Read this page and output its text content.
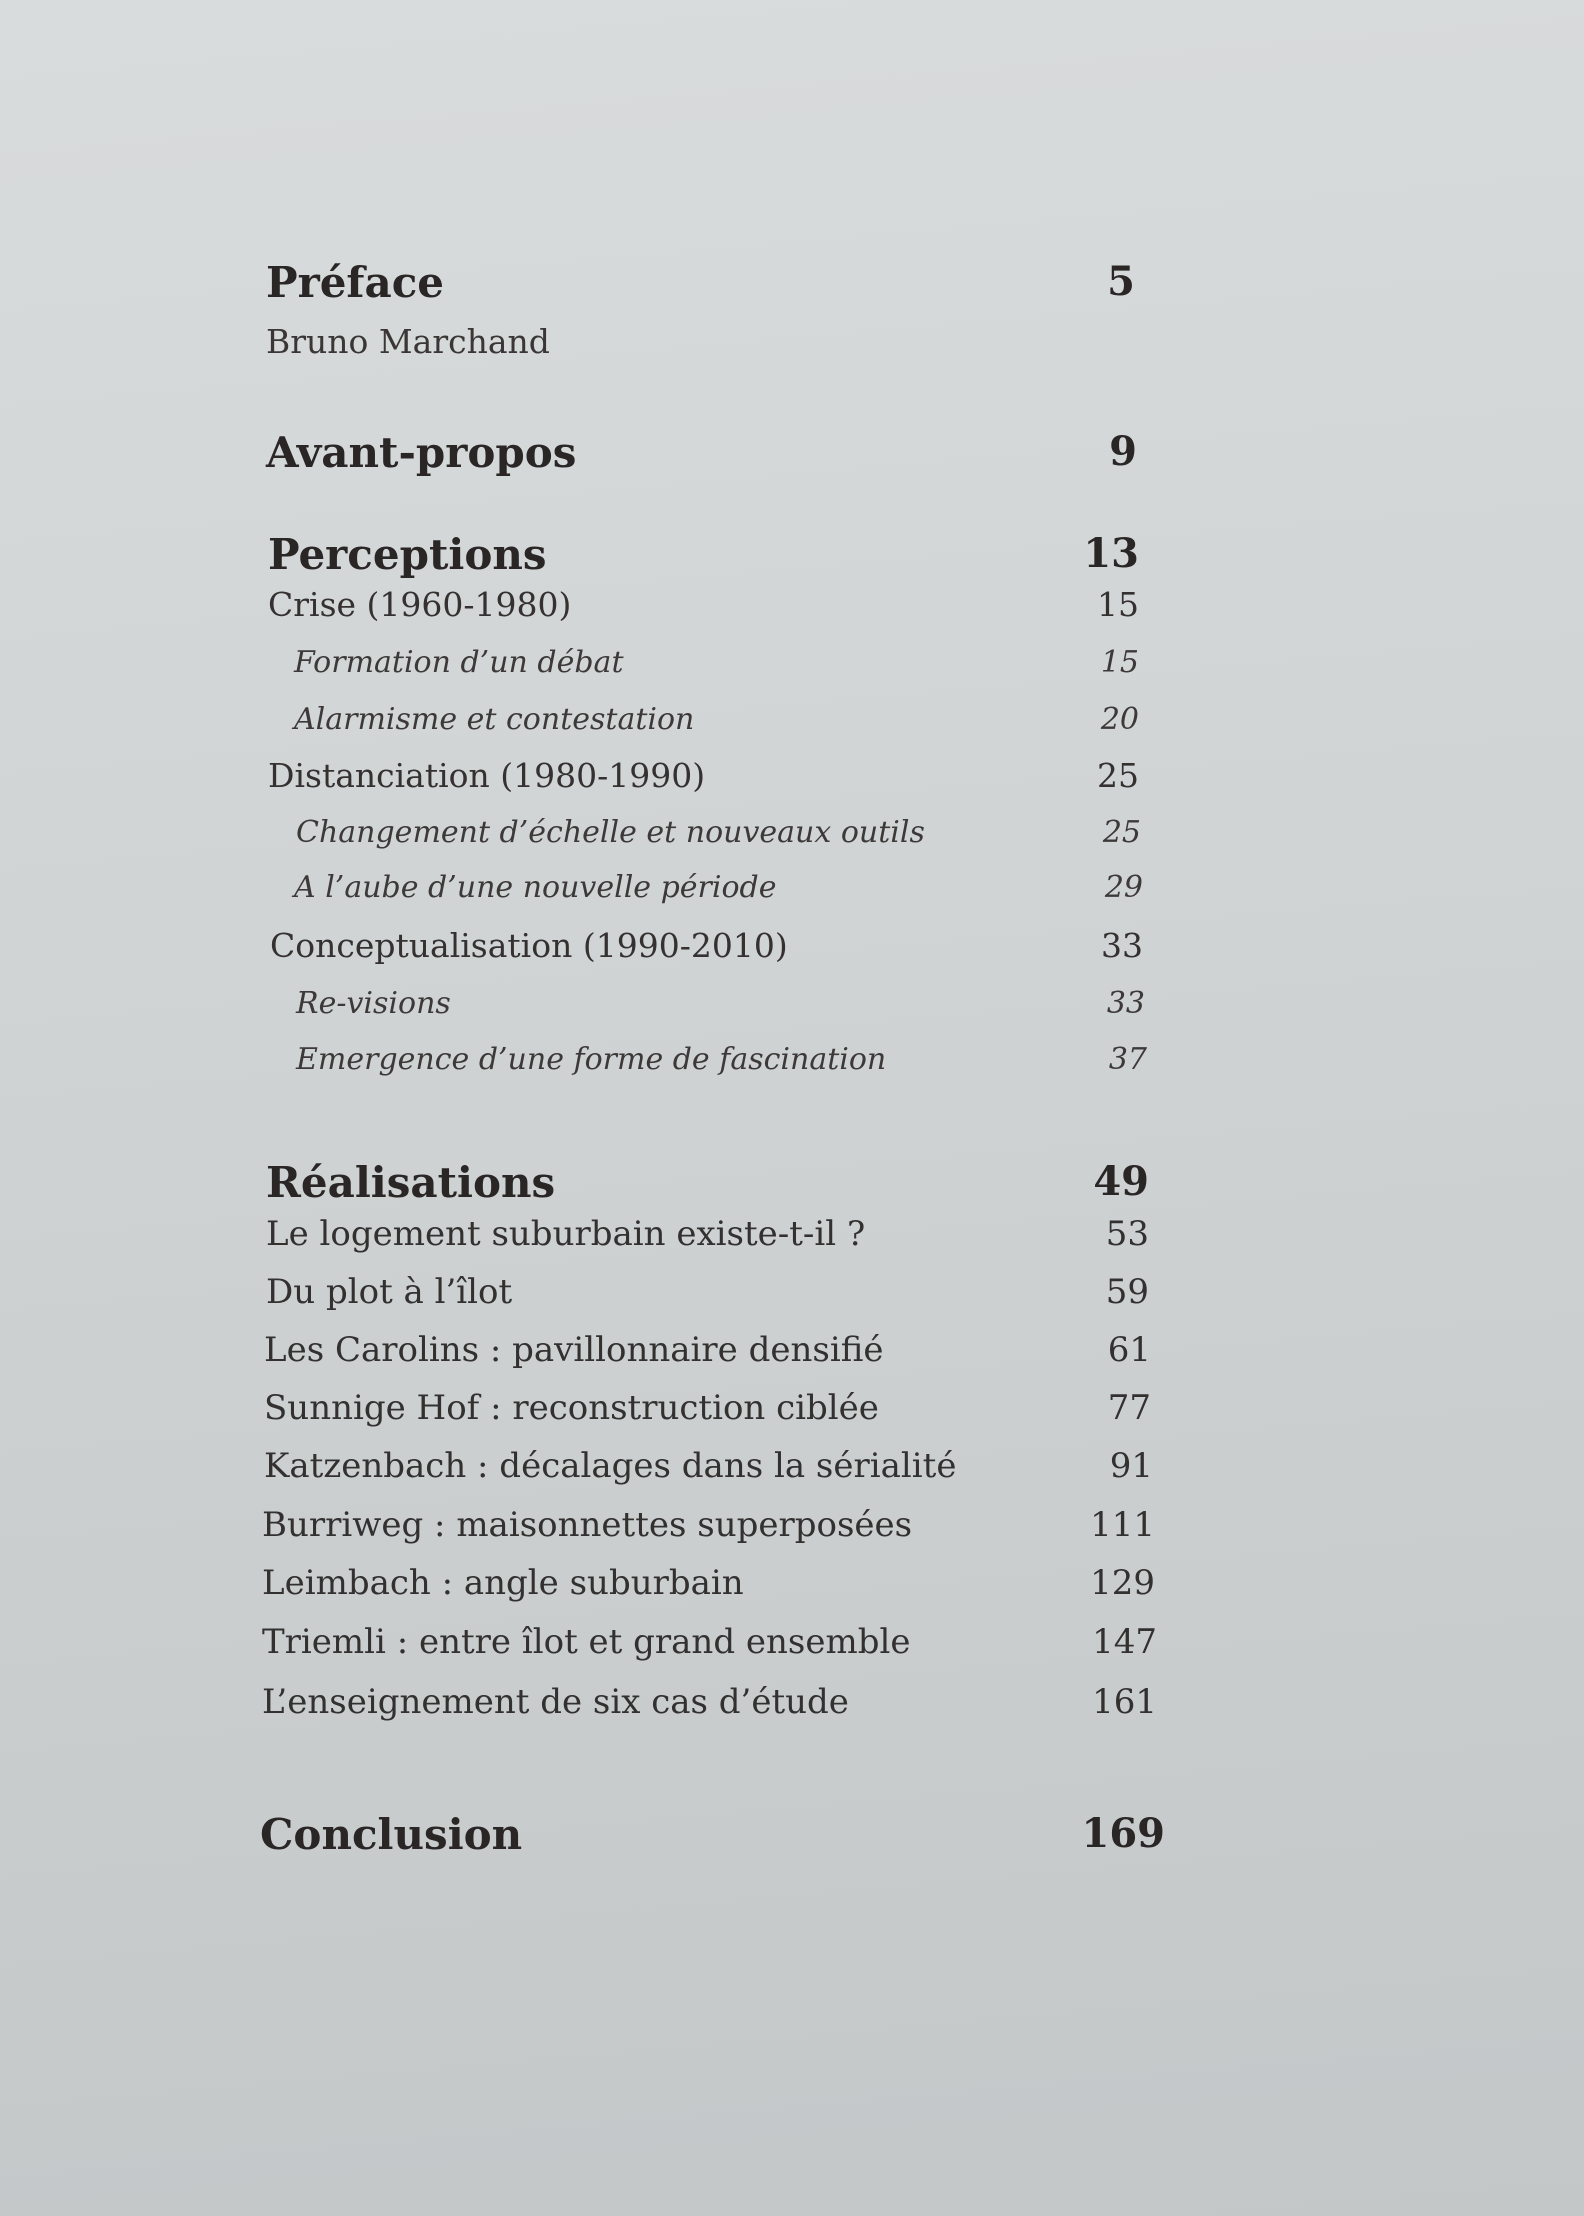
Préface	5
Bruno Marchand
Avant-propos	9
Perceptions	13
Crise (1960-1980)	15
Formation d’un débat	15
Alarmisme et contestation	20
Distanciation (1980-1990)	25
Changement d’échelle et nouveaux outils	25
A l’aube d’une nouvelle période	29
Conceptualisation (1990-2010)	33
Re-visions	33
Emergence d’une forme de fascination	37
Réalisations	49
Le logement suburbain existe-t-il ?	53
Du plot à l’îlot	59
Les Carolins : pavillonnaire densifié	61
Sunnige Hof : reconstruction ciblée	77
Katzenbach : décalages dans la sérialité	91
Burriweg : maisonnettes superposées	111
Leimbach : angle suburbain	129
Triemli : entre îlot et grand ensemble	147
L’enseignement de six cas d’étude	161
Conclusion	169
